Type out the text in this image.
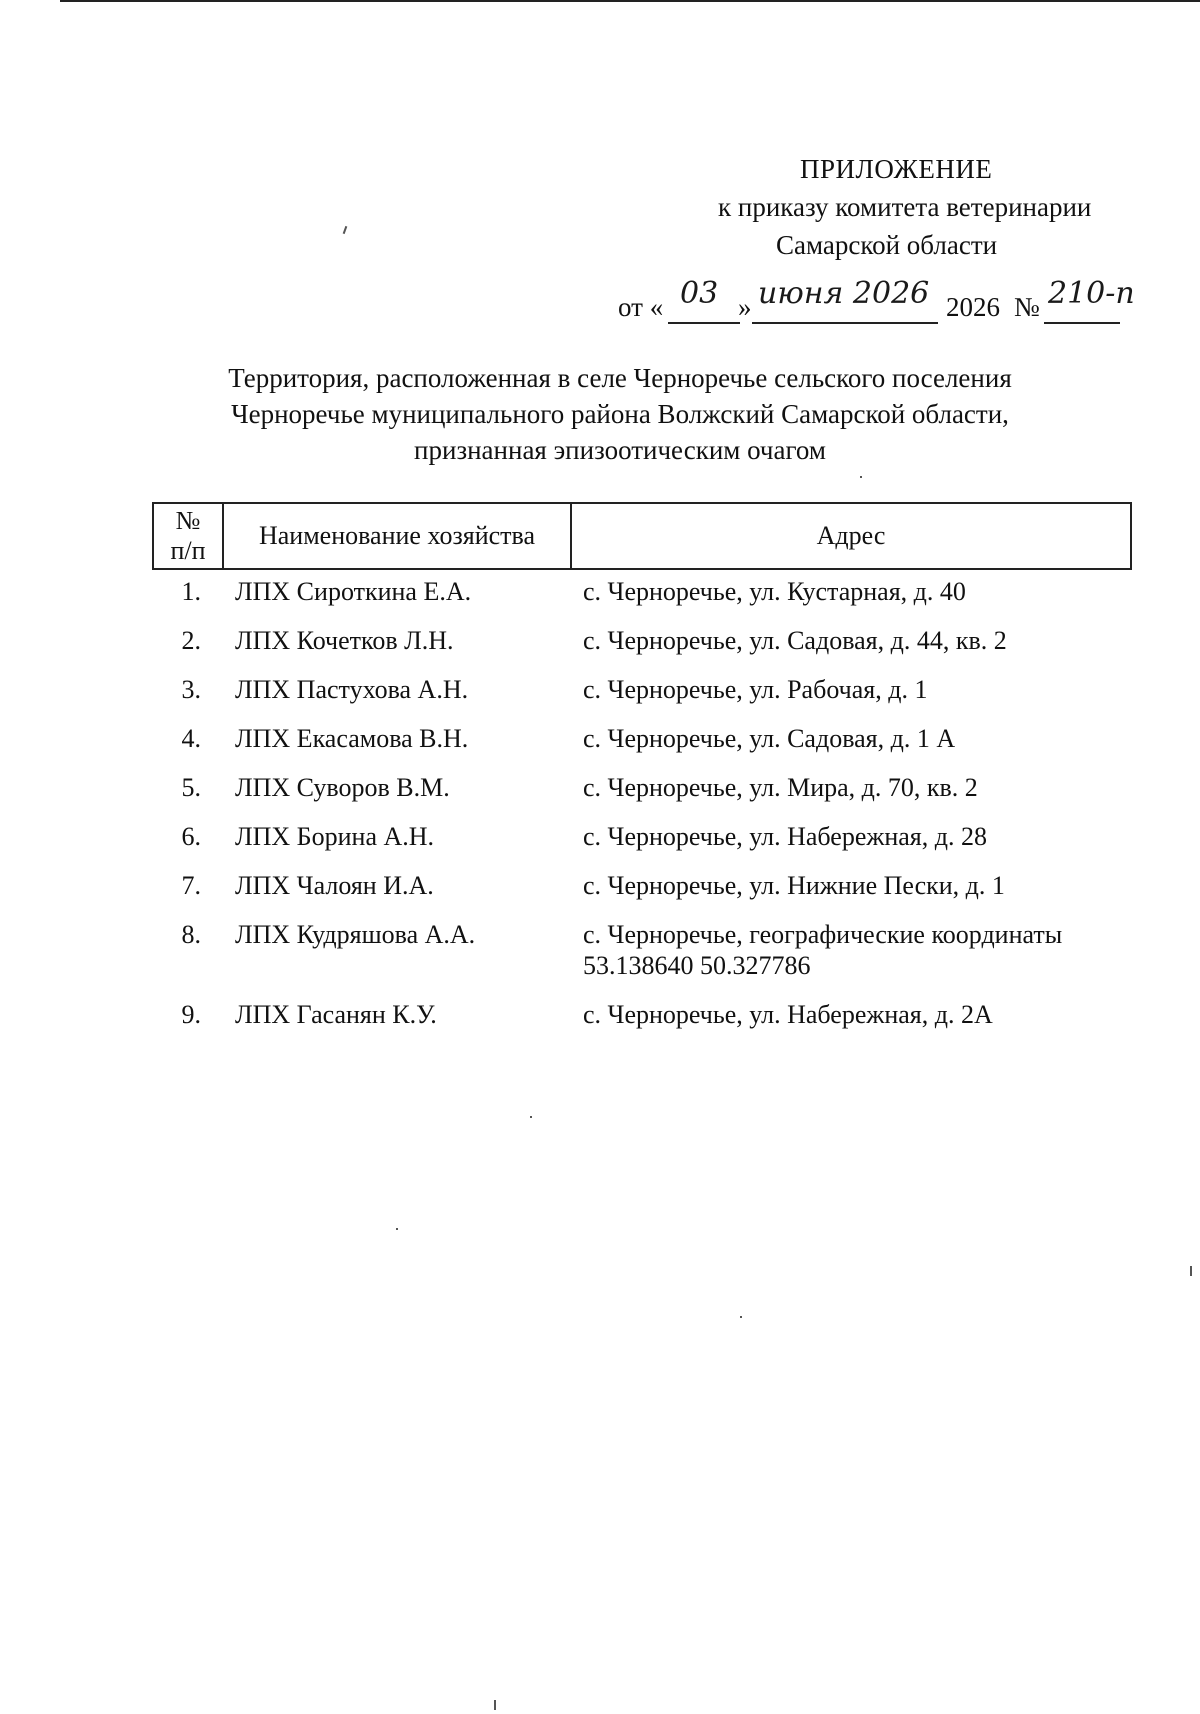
ПРИЛОЖЕНИЕ
к приказу комитета ветеринарии
Самарской области
от « 03 » июня 2026 2026 № 210-п
Территория, расположенная в селе Черноречье сельского поселения
Черноречье муниципального района Волжский Самарской области,
признанная эпизоотическим очагом
№
п/п	Наименование хозяйства	Адрес
1.	ЛПХ Сироткина Е.А.	с. Черноречье, ул. Кустарная, д. 40

2.	ЛПХ Кочетков Л.Н.	с. Черноречье, ул. Садовая, д. 44, кв. 2

3.	ЛПХ Пастухова А.Н.	с. Черноречье, ул. Рабочая, д. 1

4.	ЛПХ Екасамова В.Н.	с. Черноречье, ул. Садовая, д. 1 А

5.	ЛПХ Суворов В.М.	с. Черноречье, ул. Мира, д. 70, кв. 2

6.	ЛПХ Борина А.Н.	с. Черноречье, ул. Набережная, д. 28

7.	ЛПХ Чалоян И.А.	с. Черноречье, ул. Нижние Пески, д. 1

8.	ЛПХ Кудряшова А.А.	с. Черноречье, географические координаты
53.138640 50.327786

9.	ЛПХ Гасанян К.У.	с. Черноречье, ул. Набережная, д. 2А
